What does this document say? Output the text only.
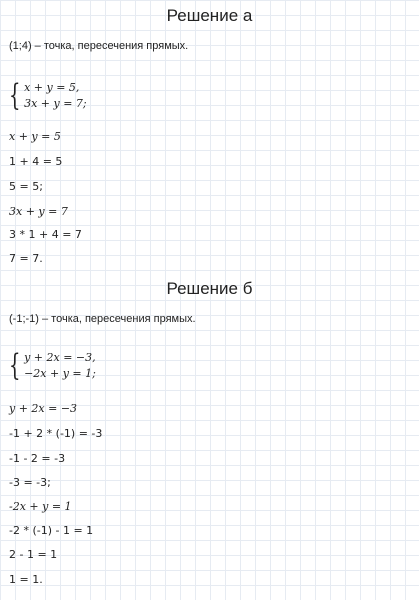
Решение а
(1;4) – точка, пересечения прямых.
{ x + y = 5,
3x + y = 7;
x + y = 5
1 + 4 = 5
5 = 5;
3x + y = 7
3 * 1 + 4 = 7
7 = 7.
Решение б
(-1;-1) – точка, пересечения прямых.
{ y + 2x = −3,
−2x + y = 1;
y + 2x = −3
-1 + 2 * (-1) = -3
-1 - 2 = -3
-3 = -3;
-2x + y = 1
-2 * (-1) - 1 = 1
2 - 1 = 1
1 = 1.
